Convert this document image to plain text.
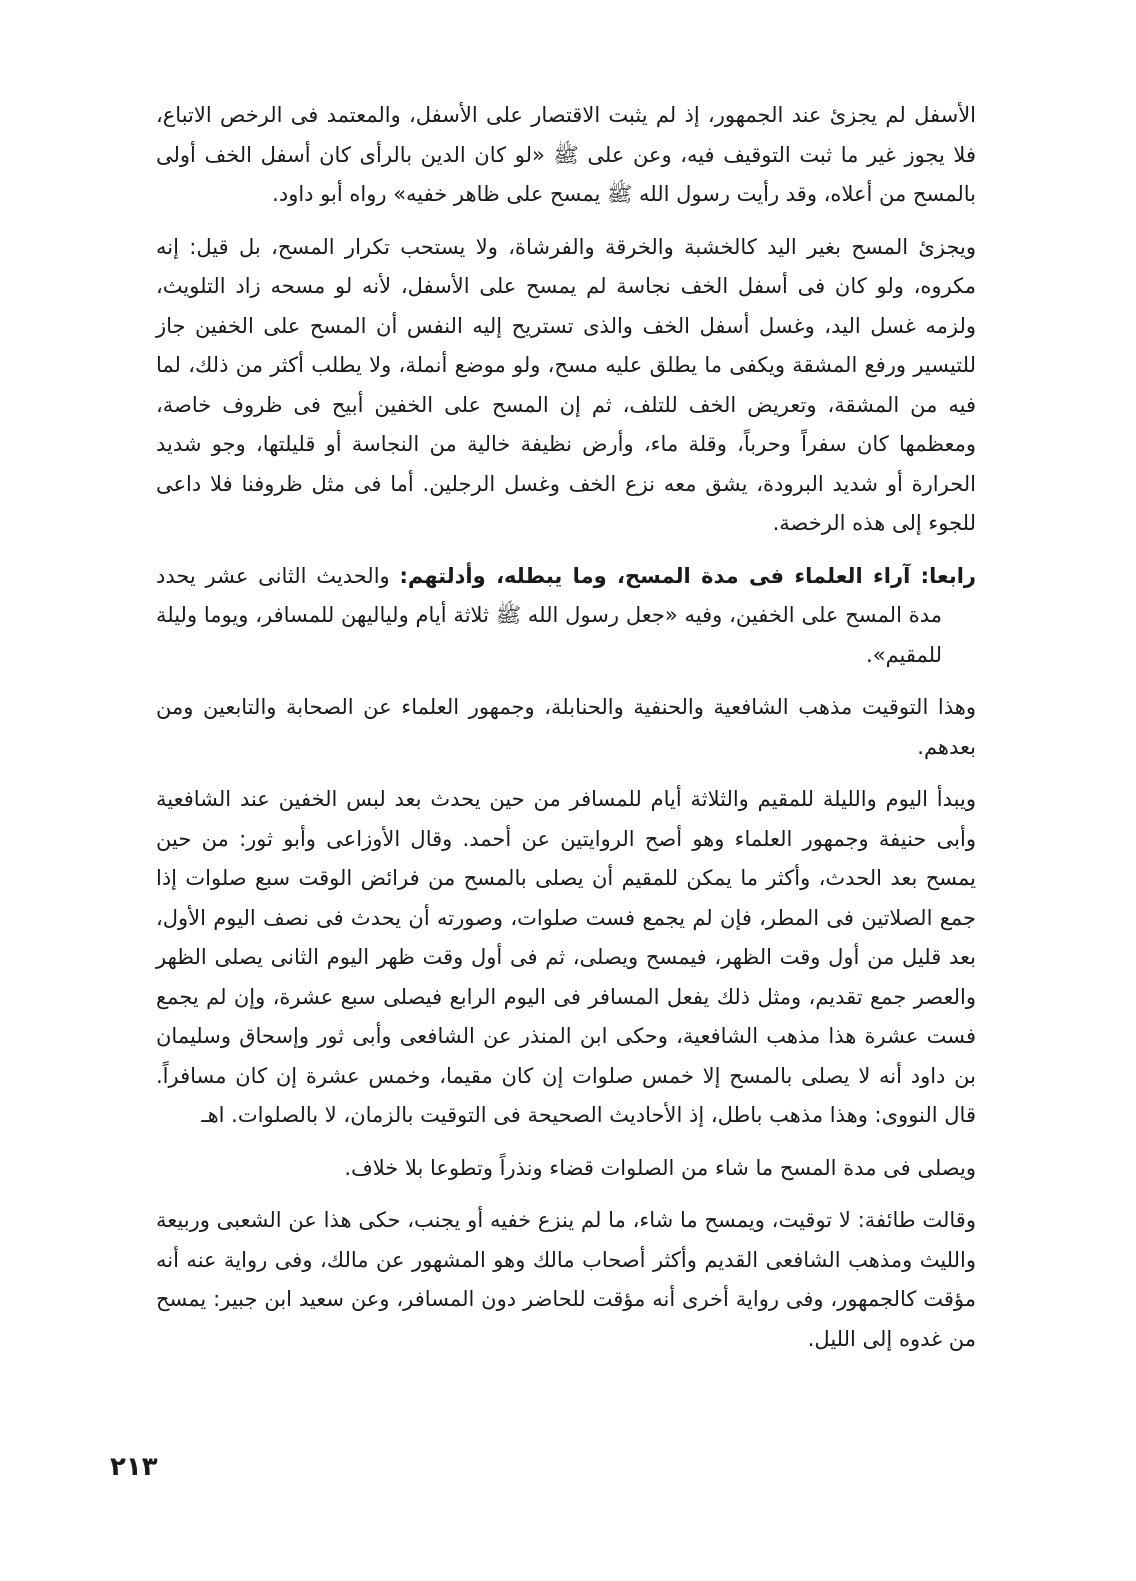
الأسفل لم يجزئ عند الجمهور، إذ لم يثبت الاقتصار على الأسفل، والمعتمد فى الرخص الاتباع، فلا يجوز غير ما ثبت التوقيف فيه، وعن على ﷺ «لو كان الدين بالرأى كان أسفل الخف أولى بالمسح من أعلاه، وقد رأيت رسول الله ﷺ يمسح على ظاهر خفيه» رواه أبو داود.

ويجزئ المسح بغير اليد كالخشبة والخرقة والفرشاة، ولا يستحب تكرار المسح، بل قيل: إنه مكروه، ولو كان فى أسفل الخف نجاسة لم يمسح على الأسفل، لأنه لو مسحه زاد التلويث، ولزمه غسل اليد، وغسل أسفل الخف والذى تستريح إليه النفس أن المسح على الخفين جاز للتيسير ورفع المشقة ويكفى ما يطلق عليه مسح، ولو موضع أنملة، ولا يطلب أكثر من ذلك، لما فيه من المشقة، وتعريض الخف للتلف، ثم إن المسح على الخفين أبيح فى ظروف خاصة، ومعظمها كان سفراً وحرباً، وقلة ماء، وأرض نظيفة خالية من النجاسة أو قليلتها، وجو شديد الحرارة أو شديد البرودة، يشق معه نزع الخف وغسل الرجلين. أما فى مثل ظروفنا فلا داعى للجوء إلى هذه الرخصة.

رابعا: آراء العلماء فى مدة المسح، وما يبطله، وأدلتهم: والحديث الثانى عشر يحدد مدة المسح على الخفين، وفيه «جعل رسول الله ﷺ ثلاثة أيام ولياليهن للمسافر، ويوما وليلة للمقيم».

وهذا التوقيت مذهب الشافعية والحنفية والحنابلة، وجمهور العلماء عن الصحابة والتابعين ومن بعدهم.

ويبدأ اليوم والليلة للمقيم والثلاثة أيام للمسافر من حين يحدث بعد لبس الخفين عند الشافعية وأبى حنيفة وجمهور العلماء وهو أصح الروايتين عن أحمد. وقال الأوزاعى وأبو ثور: من حين يمسح بعد الحدث، وأكثر ما يمكن للمقيم أن يصلى بالمسح من فرائض الوقت سبع صلوات إذا جمع الصلاتين فى المطر، فإن لم يجمع فست صلوات، وصورته أن يحدث فى نصف اليوم الأول، بعد قليل من أول وقت الظهر، فيمسح ويصلى، ثم فى أول وقت ظهر اليوم الثانى يصلى الظهر والعصر جمع تقديم، ومثل ذلك يفعل المسافر فى اليوم الرابع فيصلى سبع عشرة، وإن لم يجمع فست عشرة هذا مذهب الشافعية، وحكى ابن المنذر عن الشافعى وأبى ثور وإسحاق وسليمان بن داود أنه لا يصلى بالمسح إلا خمس صلوات إن كان مقيما، وخمس عشرة إن كان مسافراً. قال النووى: وهذا مذهب باطل، إذ الأحاديث الصحيحة فى التوقيت بالزمان، لا بالصلوات. اهـ

ويصلى فى مدة المسح ما شاء من الصلوات قضاء ونذراً وتطوعا بلا خلاف.

وقالت طائفة: لا توقيت، ويمسح ما شاء، ما لم ينزع خفيه أو يجنب، حكى هذا عن الشعبى وربيعة والليث ومذهب الشافعى القديم وأكثر أصحاب مالك وهو المشهور عن مالك، وفى رواية عنه أنه مؤقت كالجمهور، وفى رواية أخرى أنه مؤقت للحاضر دون المسافر، وعن سعيد ابن جبير: يمسح من غدوه إلى الليل.

٢١٣
